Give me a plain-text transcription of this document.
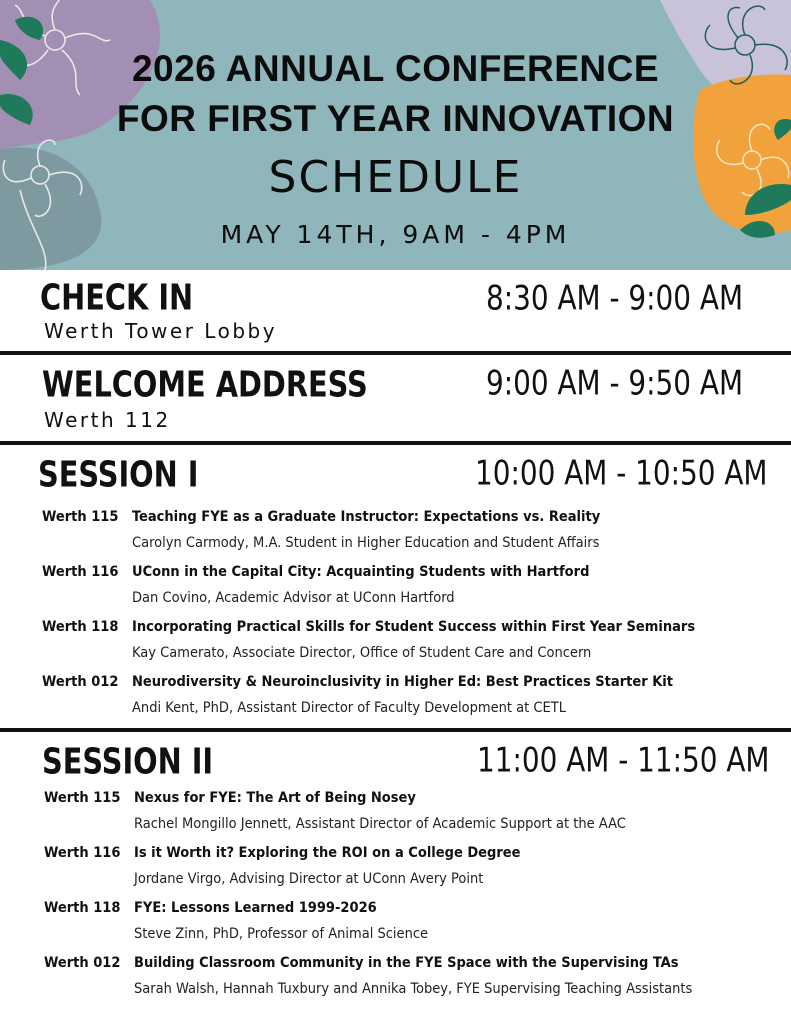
2026 ANNUAL CONFERENCE
FOR FIRST YEAR INNOVATION
SCHEDULE
MAY 14TH, 9AM - 4PM
CHECK IN	8:30 AM - 9:00 AM
Werth Tower Lobby
WELCOME ADDRESS	9:00 AM - 9:50 AM
Werth 112
SESSION I	10:00 AM - 10:50 AM
Werth 115 Teaching FYE as a Graduate Instructor: Expectations vs. Reality
Carolyn Carmody, M.A. Student in Higher Education and Student Affairs
Werth 116 UConn in the Capital City: Acquainting Students with Hartford
Dan Covino, Academic Advisor at UConn Hartford
Werth 118 Incorporating Practical Skills for Student Success within First Year Seminars
Kay Camerato, Associate Director, Office of Student Care and Concern
Werth 012 Neurodiversity & Neuroinclusivity in Higher Ed: Best Practices Starter Kit
Andi Kent, PhD, Assistant Director of Faculty Development at CETL
SESSION II	11:00 AM - 11:50 AM
Werth 115 Nexus for FYE: The Art of Being Nosey
Rachel Mongillo Jennett, Assistant Director of Academic Support at the AAC
Werth 116 Is it Worth it? Exploring the ROI on a College Degree
Jordane Virgo, Advising Director at UConn Avery Point
Werth 118 FYE: Lessons Learned 1999-2026
Steve Zinn, PhD, Professor of Animal Science
Werth 012 Building Classroom Community in the FYE Space with the Supervising TAs
Sarah Walsh, Hannah Tuxbury and Annika Tobey, FYE Supervising Teaching Assistants
